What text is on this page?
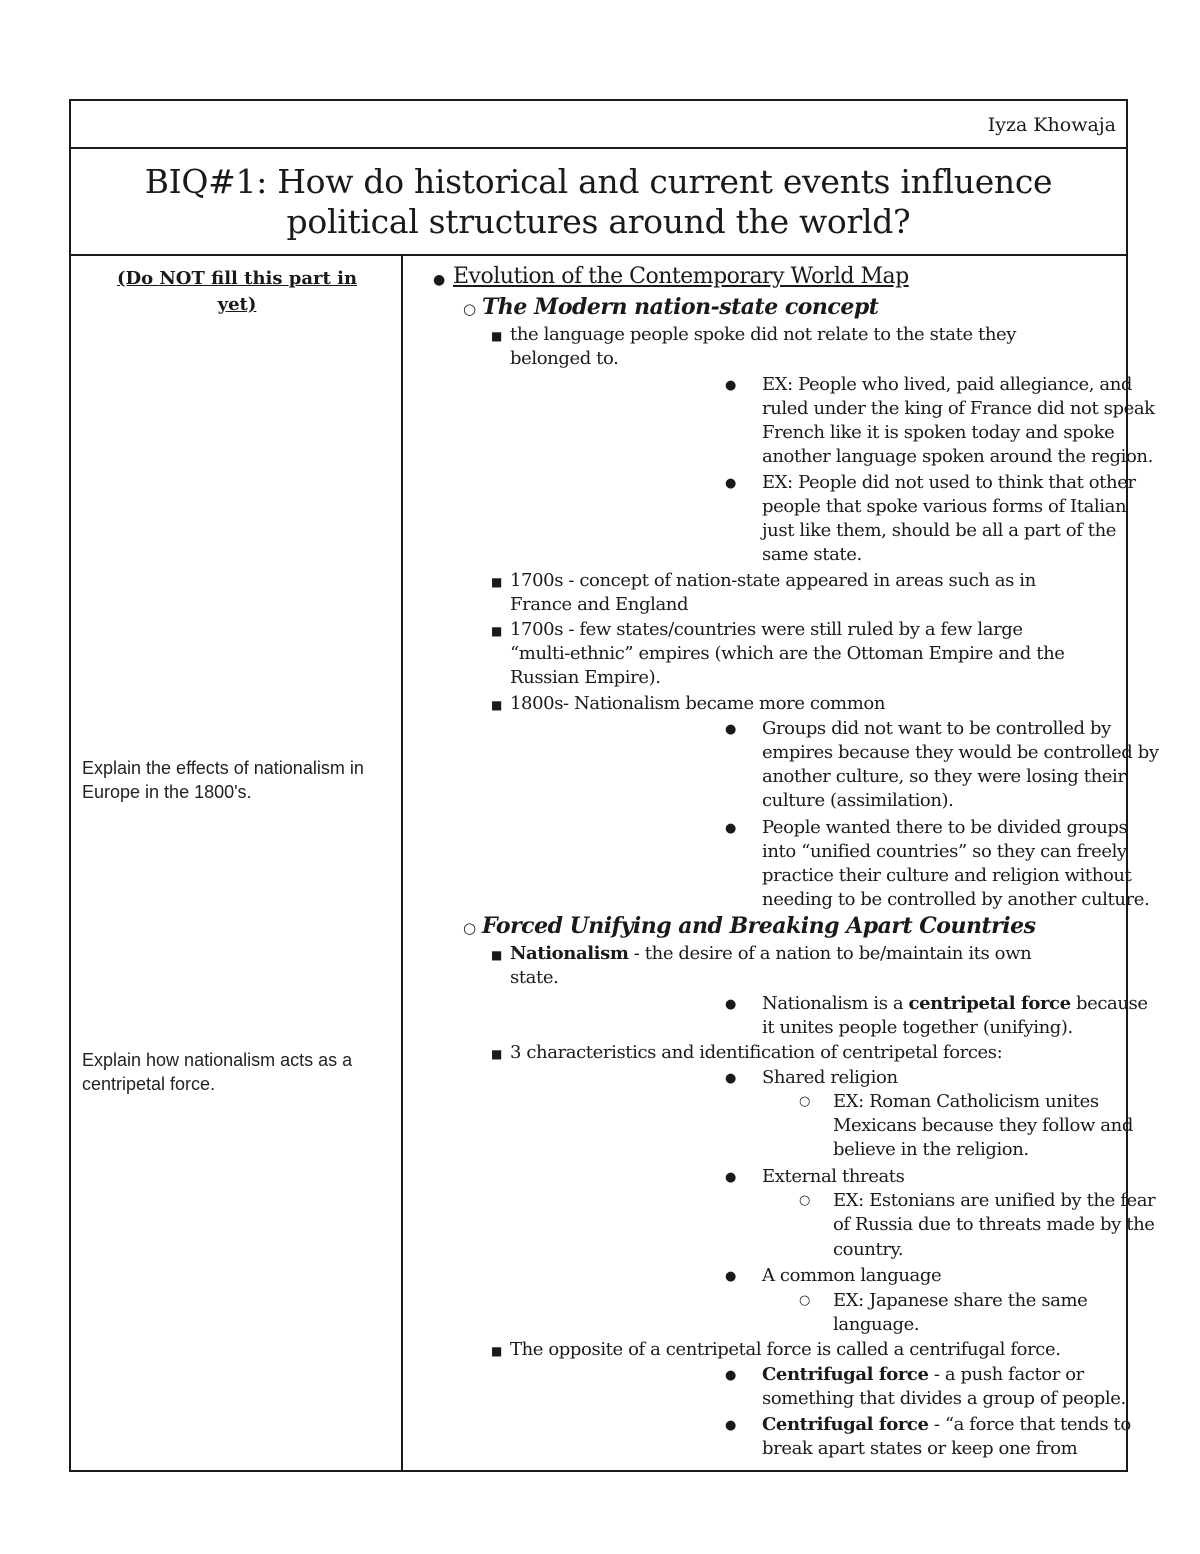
Iyza Khowaja
BIQ#1: How do historical and current events influence political structures around the world?
(Do NOT fill this part in yet)
Explain the effects of nationalism in Europe in the 1800's.
Explain how nationalism acts as a centripetal force.
● Evolution of the Contemporary World Map
○ The Modern nation-state concept
■ the language people spoke did not relate to the state they
belonged to.
● EX: People who lived, paid allegiance, and
ruled under the king of France did not speak
French like it is spoken today and spoke
another language spoken around the region.
● EX: People did not used to think that other
people that spoke various forms of Italian
just like them, should be all a part of the
same state.
■ 1700s - concept of nation-state appeared in areas such as in
France and England
■ 1700s - few states/countries were still ruled by a few large
“multi-ethnic” empires (which are the Ottoman Empire and the
Russian Empire).
■ 1800s- Nationalism became more common
● Groups did not want to be controlled by
empires because they would be controlled by
another culture, so they were losing their
culture (assimilation).
● People wanted there to be divided groups
into “unified countries” so they can freely
practice their culture and religion without
needing to be controlled by another culture.
○ Forced Unifying and Breaking Apart Countries
■ Nationalism - the desire of a nation to be/maintain its own
state.
● Nationalism is a centripetal force because
it unites people together (unifying).
■ 3 characteristics and identification of centripetal forces:
● Shared religion
○ EX: Roman Catholicism unites
Mexicans because they follow and
believe in the religion.
● External threats
○ EX: Estonians are unified by the fear
of Russia due to threats made by the
country.
● A common language
○ EX: Japanese share the same
language.
■ The opposite of a centripetal force is called a centrifugal force.
● Centrifugal force - a push factor or
something that divides a group of people.
● Centrifugal force - “a force that tends to
break apart states or keep one from
